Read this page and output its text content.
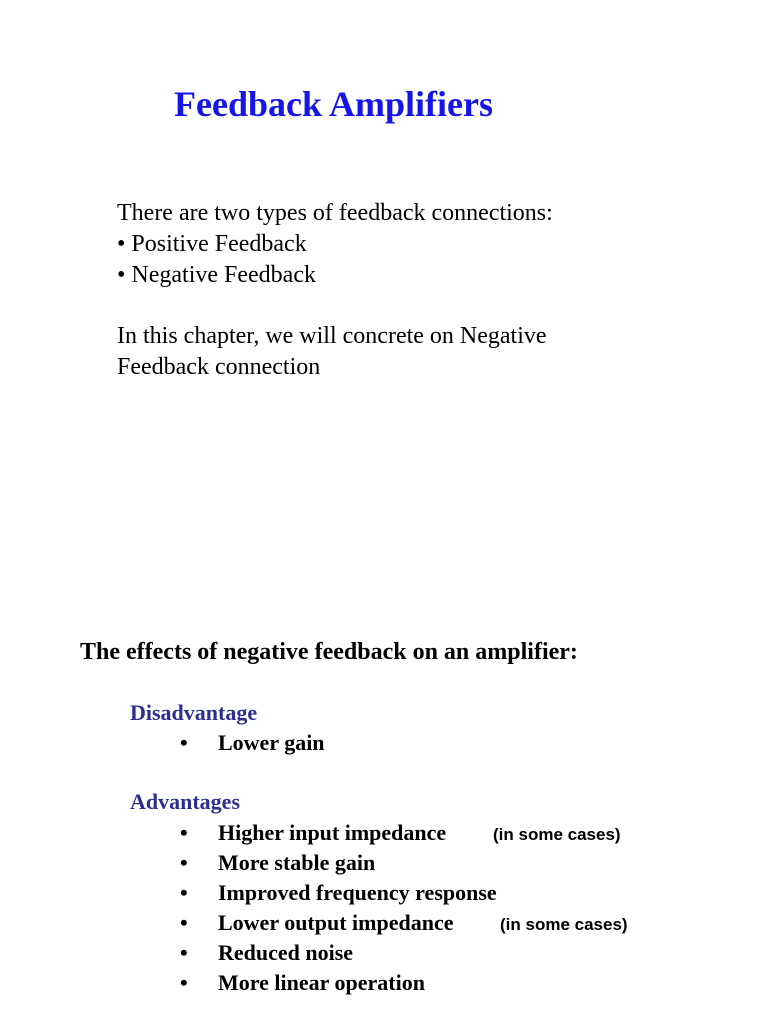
Feedback Amplifiers
There are two types of feedback connections:
• Positive Feedback
• Negative Feedback
In this chapter, we will concrete on Negative
Feedback connection
The effects of negative feedback on an amplifier:
Disadvantage
• Lower gain
Advantages
• Higher input impedance	(in some cases)
• More stable gain
• Improved frequency response
• Lower output impedance	(in some cases)
• Reduced noise
• More linear operation
